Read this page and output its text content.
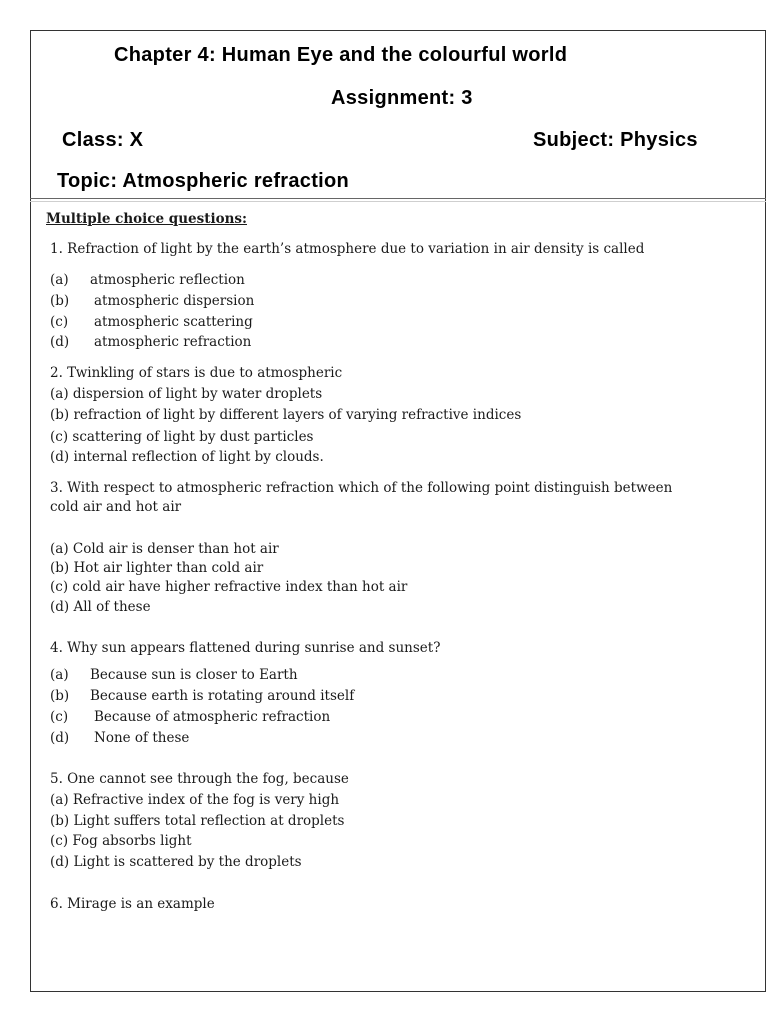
Chapter 4: Human Eye and the colourful world
Assignment: 3
Class: X	Subject: Physics
Topic: Atmospheric refraction
Multiple choice questions:
1. Refraction of light by the earth’s atmosphere due to variation in air density is called
(a) atmospheric reflection
(b) atmospheric dispersion
(c) atmospheric scattering
(d) atmospheric refraction
2. Twinkling of stars is due to atmospheric
(a) dispersion of light by water droplets
(b) refraction of light by different layers of varying refractive indices
(c) scattering of light by dust particles
(d) internal reflection of light by clouds.
3. With respect to atmospheric refraction which of the following point distinguish between
cold air and hot air
(a) Cold air is denser than hot air
(b) Hot air lighter than cold air
(c) cold air have higher refractive index than hot air
(d) All of these
4. Why sun appears flattened during sunrise and sunset?
(a) Because sun is closer to Earth
(b) Because earth is rotating around itself
(c) Because of atmospheric refraction
(d) None of these
5. One cannot see through the fog, because
(a) Refractive index of the fog is very high
(b) Light suffers total reflection at droplets
(c) Fog absorbs light
(d) Light is scattered by the droplets
6. Mirage is an example
